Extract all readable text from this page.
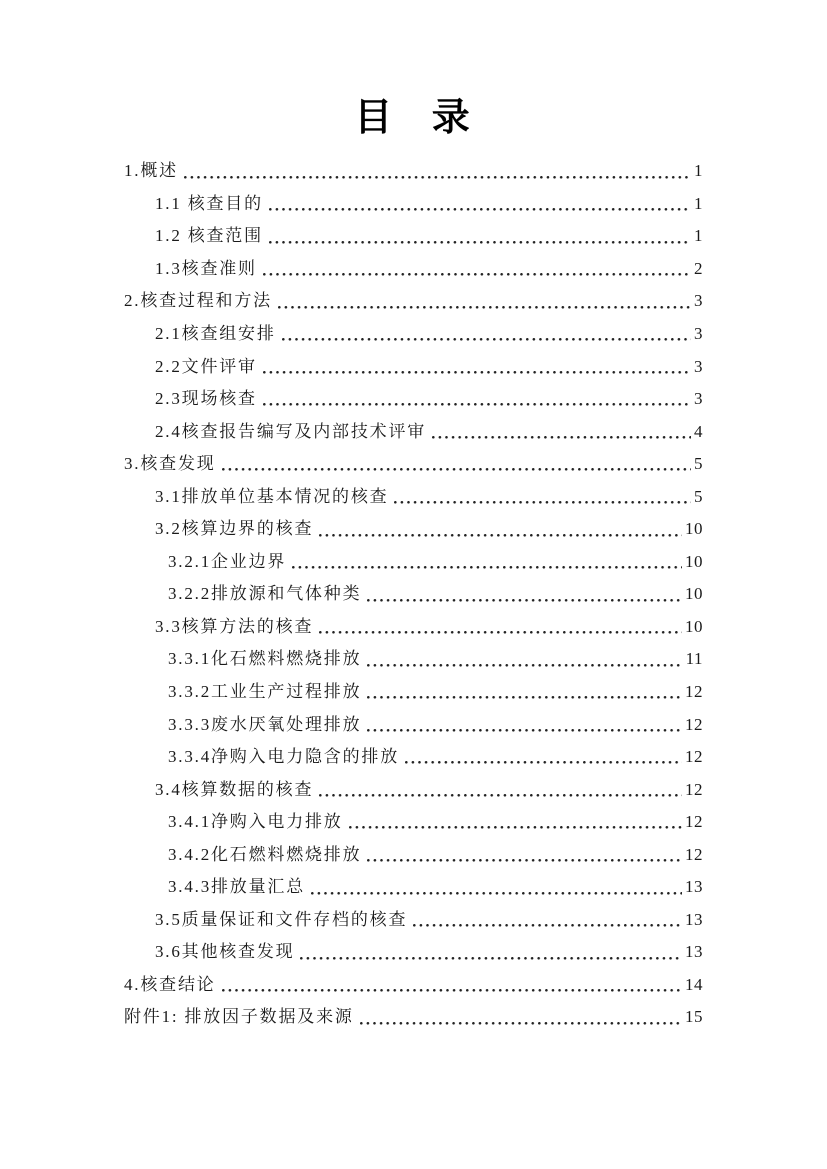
目 录
1.概述	1
1.1 核查目的	1
1.2 核查范围	1
1.3核查准则	2
2.核查过程和方法	3
2.1核查组安排	3
2.2文件评审	3
2.3现场核查	3
2.4核查报告编写及内部技术评审	4
3.核查发现	5
3.1排放单位基本情况的核查	5
3.2核算边界的核查	10
3.2.1企业边界	10
3.2.2排放源和气体种类	10
3.3核算方法的核查	10
3.3.1化石燃料燃烧排放	11
3.3.2工业生产过程排放	12
3.3.3废水厌氧处理排放	12
3.3.4净购入电力隐含的排放	12
3.4核算数据的核查	12
3.4.1净购入电力排放	12
3.4.2化石燃料燃烧排放	12
3.4.3排放量汇总	13
3.5质量保证和文件存档的核查	13
3.6其他核查发现	13
4.核查结论	14
附件1: 排放因子数据及来源	15
